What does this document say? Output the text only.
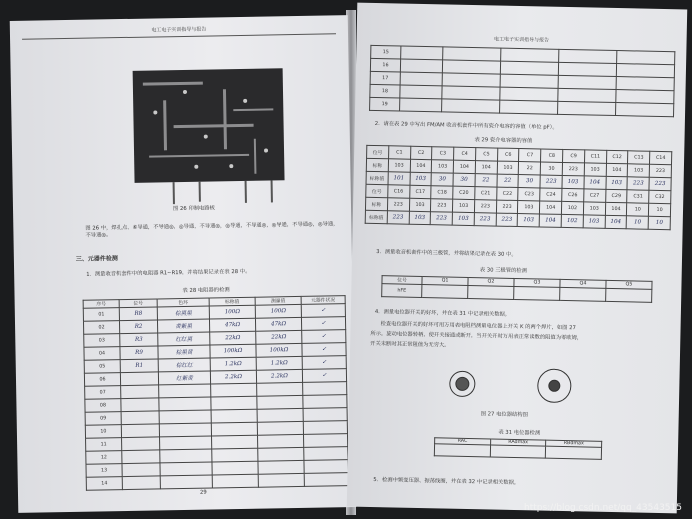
电工电子实训指导与报告
图 26 印制电路板
图 26 中，焊孔点、⑥导通，不导通◎，◎导通，不导通◎，◎导通，不导通◎，◎导通，不导通◎，◎导通，不导通◎。
三、元器件检测
1．测量收音机套件中的电阻器 R1~R19，并将结果记录在表 28 中。
表 28 电阻器的检测
序号	位号	色环	标称值	测量值	元器件状况
01	R8	棕黑黑	100Ω	100Ω	✓
02	R2	黄紫黑	47kΩ	47kΩ	✓
03	R3	红红黑	22kΩ	22kΩ	✓
04	R9	棕黑黄	100kΩ	100kΩ	✓
05	R1	棕红红	1.2kΩ	1.2kΩ	✓
06		红紫黄	2.2kΩ	2.2kΩ	✓
07					
08					
09					
10					
11					
12					
13					
14					
29
电工电子实训指导与报告
15					
16					
17					
18					
19					
2．请在表 29 中写出 FM/AM 收音机套件中所有瓷介电容的容值（单位 pF）。
表 29 瓷介电容器的容值
位号	C1	C2	C3	C4	C5	C6	C7	C8	C9	C11	C12	C13	C14
标称	103	104	103	104	104	103	22	30	223	103	104	103	223
标称值	101	103	30	30	22	22	30	223	103	104	103	223	223
位号	C16	C17	C18	C20	C21	C22	C23	C24	C26	C27	C29	C31	C32
标称	223	103	223	103	223	223	103	104	102	103	104	10	10
标称值	223	103	223	103	223	223	103	104	102	103	104	10	10
3．测量收音机套件中的三极管，并将结果记录在表 30 中。
表 30 三极管的检测
位号	Q1	Q2	Q3	Q4	Q5
hFE					
4．测量电位器开关的好坏，并在表 31 中记录相关数据。
检查电位器开关的好坏可用万用表电阻档测量电位器上开关 K 的两个焊片，如图 27
所示。旋动电位器转柄，使开关接通或断开，当开关开时万用表正常读数的阻值为零欧姆，
开关未断时其正常阻值为无穷大。
图 27 电位器结构图
表 31 电位器检测
RAC	RAdmax	RBdmax

5．检测中频变压器、振荡线圈，并在表 32 中记录相关数据。
https://blog.csdn.net/qq_43543515
